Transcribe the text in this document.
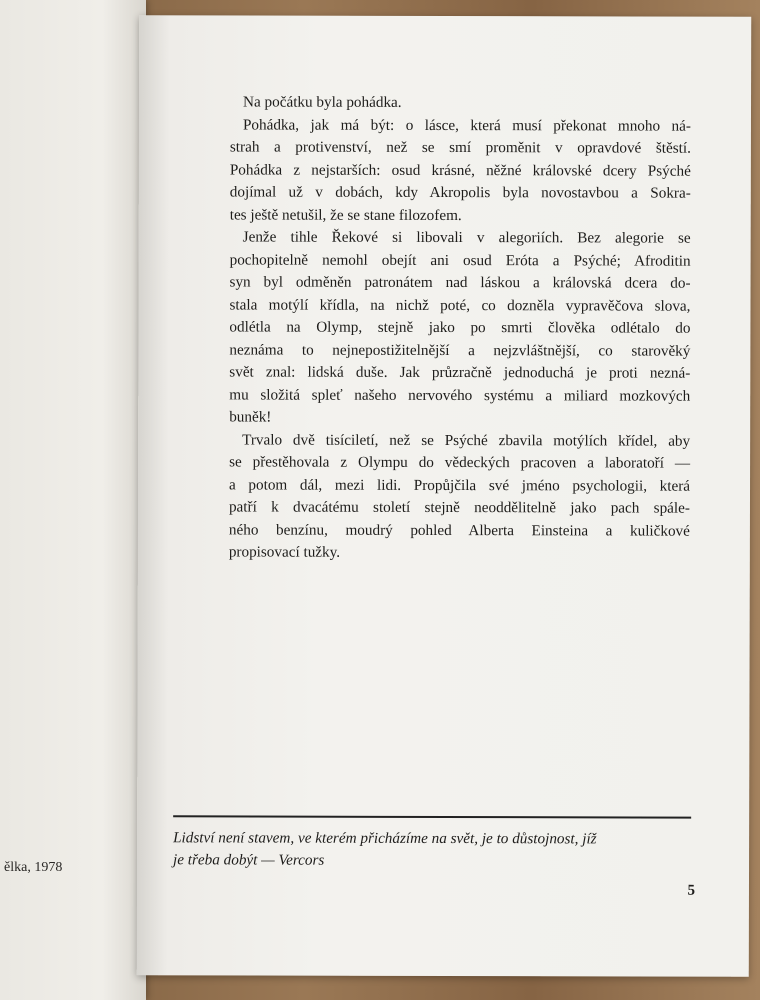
ělka, 1978
Na počátku byla pohádka.
Pohádka, jak má být: o lásce, která musí překonat mnoho ná-
strah a protivenství, než se smí proměnit v opravdové štěstí.
Pohádka z nejstarších: osud krásné, něžné královské dcery Psýché
dojímal už v dobách, kdy Akropolis byla novostavbou a Sokra-
tes ještě netušil, že se stane filozofem.
Jenže tihle Řekové si libovali v alegoriích. Bez alegorie se
pochopitelně nemohl obejít ani osud Eróta a Psýché; Afroditin
syn byl odměněn patronátem nad láskou a královská dcera do-
stala motýlí křídla, na nichž poté, co dozněla vypravěčova slova,
odlétla na Olymp, stejně jako po smrti člověka odlétalo do
neznáma to nejnepostižitelnější a nejzvláštnější, co starověký
svět znal: lidská duše. Jak průzračně jednoduchá je proti nezná-
mu složitá spleť našeho nervového systému a miliard mozkových
buněk!
Trvalo dvě tisíciletí, než se Psýché zbavila motýlích křídel, aby
se přestěhovala z Olympu do vědeckých pracoven a laboratoří —
a potom dál, mezi lidi. Propůjčila své jméno psychologii, která
patří k dvacátému století stejně neoddělitelně jako pach spále-
ného benzínu, moudrý pohled Alberta Einsteina a kuličkové
propisovací tužky.
Lidství není stavem, ve kterém přicházíme na svět, je to důstojnost, jíž
je třeba dobýt — Vercors
5
